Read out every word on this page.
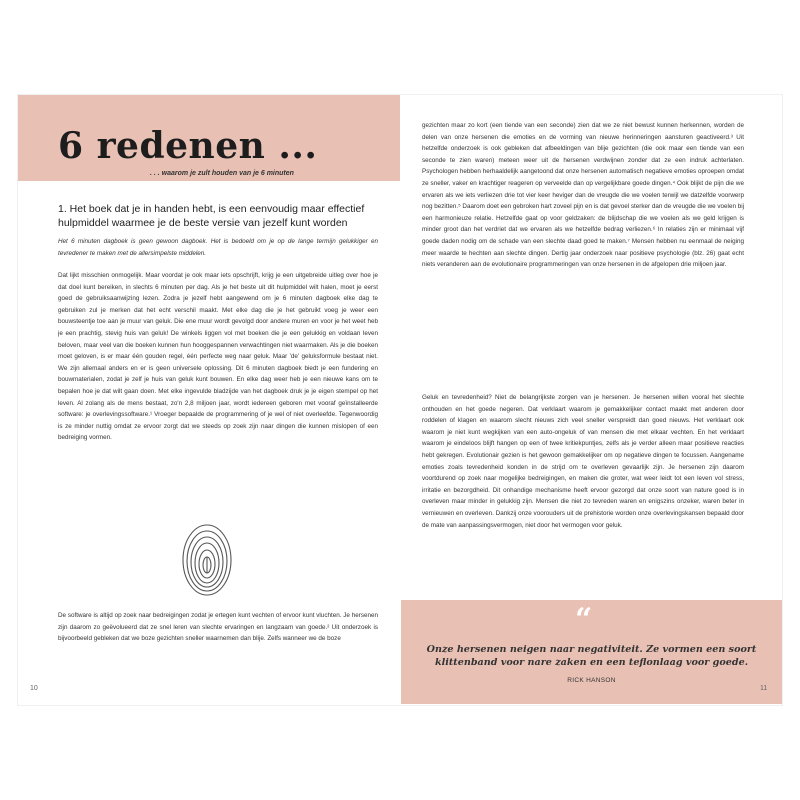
6 redenen ...
. . . waarom je zult houden van je 6 minuten
1. Het boek dat je in handen hebt, is een eenvoudig maar effectief hulpmiddel waarmee je de beste versie van jezelf kunt worden
Het 6 minuten dagboek is geen gewoon dagboek. Het is bedoeld om je op de lange termijn gelukkiger en tevredener te maken met de allersimpelste middelen.
Dat lijkt misschien onmogelijk. Maar voordat je ook maar iets opschrijft, krijg je een uitgebreide uitleg over hoe je dat doel kunt bereiken, in slechts 6 minuten per dag. Als je het beste uit dit hulpmiddel wilt halen, moet je eerst goed de gebruiksaanwijzing lezen. Zodra je jezelf hebt aangewend om je 6 minuten dagboek elke dag te gebruiken zul je merken dat het echt verschil maakt. Met elke dag die je het gebruikt voeg je weer een bouwsteentje toe aan je muur van geluk. Die ene muur wordt gevolgd door andere muren en voor je het weet heb je een prachtig, stevig huis van geluk! De winkels liggen vol met boeken die je een gelukkig en voldaan leven beloven, maar veel van die boeken kunnen hun hooggespannen verwachtingen niet waarmaken. Als je die boeken moet geloven, is er maar één gouden regel, één perfecte weg naar geluk. Maar 'de' geluksformule bestaat niet. We zijn allemaal anders en er is geen universele oplossing. Dit 6 minuten dagboek biedt je een fundering en bouwmaterialen, zodat je zelf je huis van geluk kunt bouwen. En elke dag weer heb je een nieuwe kans om te bepalen hoe je dat wilt gaan doen. Met elke ingevulde bladzijde van het dagboek druk je je eigen stempel op het leven. Al zolang als de mens bestaat, zo'n 2,8 miljoen jaar, wordt iedereen geboren met vooraf geïnstalleerde software: je overlevingssoftware.¹ Vroeger bepaalde de programmering of je wel of niet overleefde. Tegenwoordig is ze minder nuttig omdat ze ervoor zorgt dat we steeds op zoek zijn naar dingen die kunnen mislopen of een bedreiging vormen.
De software is altijd op zoek naar bedreigingen zodat je ertegen kunt vechten of ervoor kunt vluchten. Je hersenen zijn daarom zo geëvolueerd dat ze snel leren van slechte ervaringen en langzaam van goede.² Uit onderzoek is bijvoorbeeld gebleken dat we boze gezichten sneller waarnemen dan blije. Zelfs wanneer we de boze
10
gezichten maar zo kort (een tiende van een seconde) zien dat we ze niet bewust kunnen herkennen, worden de delen van onze hersenen die emoties en de vorming van nieuwe herinneringen aansturen geactiveerd.³ Uit hetzelfde onderzoek is ook gebleken dat afbeeldingen van blije gezichten (die ook maar een tiende van een seconde te zien waren) meteen weer uit de hersenen verdwijnen zonder dat ze een indruk achterlaten. Psychologen hebben herhaaldelijk aangetoond dat onze hersenen automatisch negatieve emoties oproepen omdat ze sneller, vaker en krachtiger reageren op verveelde dan op vergelijkbare goede dingen.⁴ Ook blijkt de pijn die we ervaren als we iets verliezen drie tot vier keer heviger dan de vreugde die we voelen terwijl we datzelfde voorwerp nog bezitten.⁵ Daarom doet een gebroken hart zoveel pijn en is dat gevoel sterker dan de vreugde die we voelen bij een harmonieuze relatie. Hetzelfde gaat op voor geldzaken: de blijdschap die we voelen als we geld krijgen is minder groot dan het verdriet dat we ervaren als we hetzelfde bedrag verliezen.⁶ In relaties zijn er minimaal vijf goede daden nodig om de schade van een slechte daad goed te maken.⁷ Mensen hebben nu eenmaal de neiging meer waarde te hechten aan slechte dingen. Dertig jaar onderzoek naar positieve psychologie (blz. 26) gaat echt niets veranderen aan de evolutionaire programmeringen van onze hersenen in de afgelopen drie miljoen jaar.
Geluk en tevredenheid? Niet de belangrijkste zorgen van je hersenen. Je hersenen willen vooral het slechte onthouden en het goede negeren. Dat verklaart waarom je gemakkelijker contact maakt met anderen door roddelen of klagen en waarom slecht nieuws zich veel sneller verspreidt dan goed nieuws. Het verklaart ook waarom je niet kunt wegkijken van een auto-ongeluk of van mensen die met elkaar vechten. En het verklaart waarom je eindeloos blijft hangen op een of twee kritiekpuntjes, zelfs als je verder alleen maar positieve reacties hebt gekregen. Evolutionair gezien is het gewoon gemakkelijker om op negatieve dingen te focussen. Aangename emoties zoals tevredenheid konden in de strijd om te overleven gevaarlijk zijn. Je hersenen zijn daarom voortdurend op zoek naar mogelijke bedreigingen, en maken die groter, wat weer leidt tot een leven vol stress, irritatie en bezorgdheid. Dit onhandige mechanisme heeft ervoor gezorgd dat onze soort van nature goed is in overleven maar minder in gelukkig zijn. Mensen die niet zo tevreden waren en enigszins onzeker, waren beter in vernieuwen en overleven. Dankzij onze voorouders uit de prehistorie worden onze overlevingskansen bepaald door de mate van aanpassingsvermogen, niet door het vermogen voor geluk.
“
Onze hersenen neigen naar negativiteit. Ze vormen een soort klittenband voor nare zaken en een teflonlaag voor goede.
RICK HANSON
11
